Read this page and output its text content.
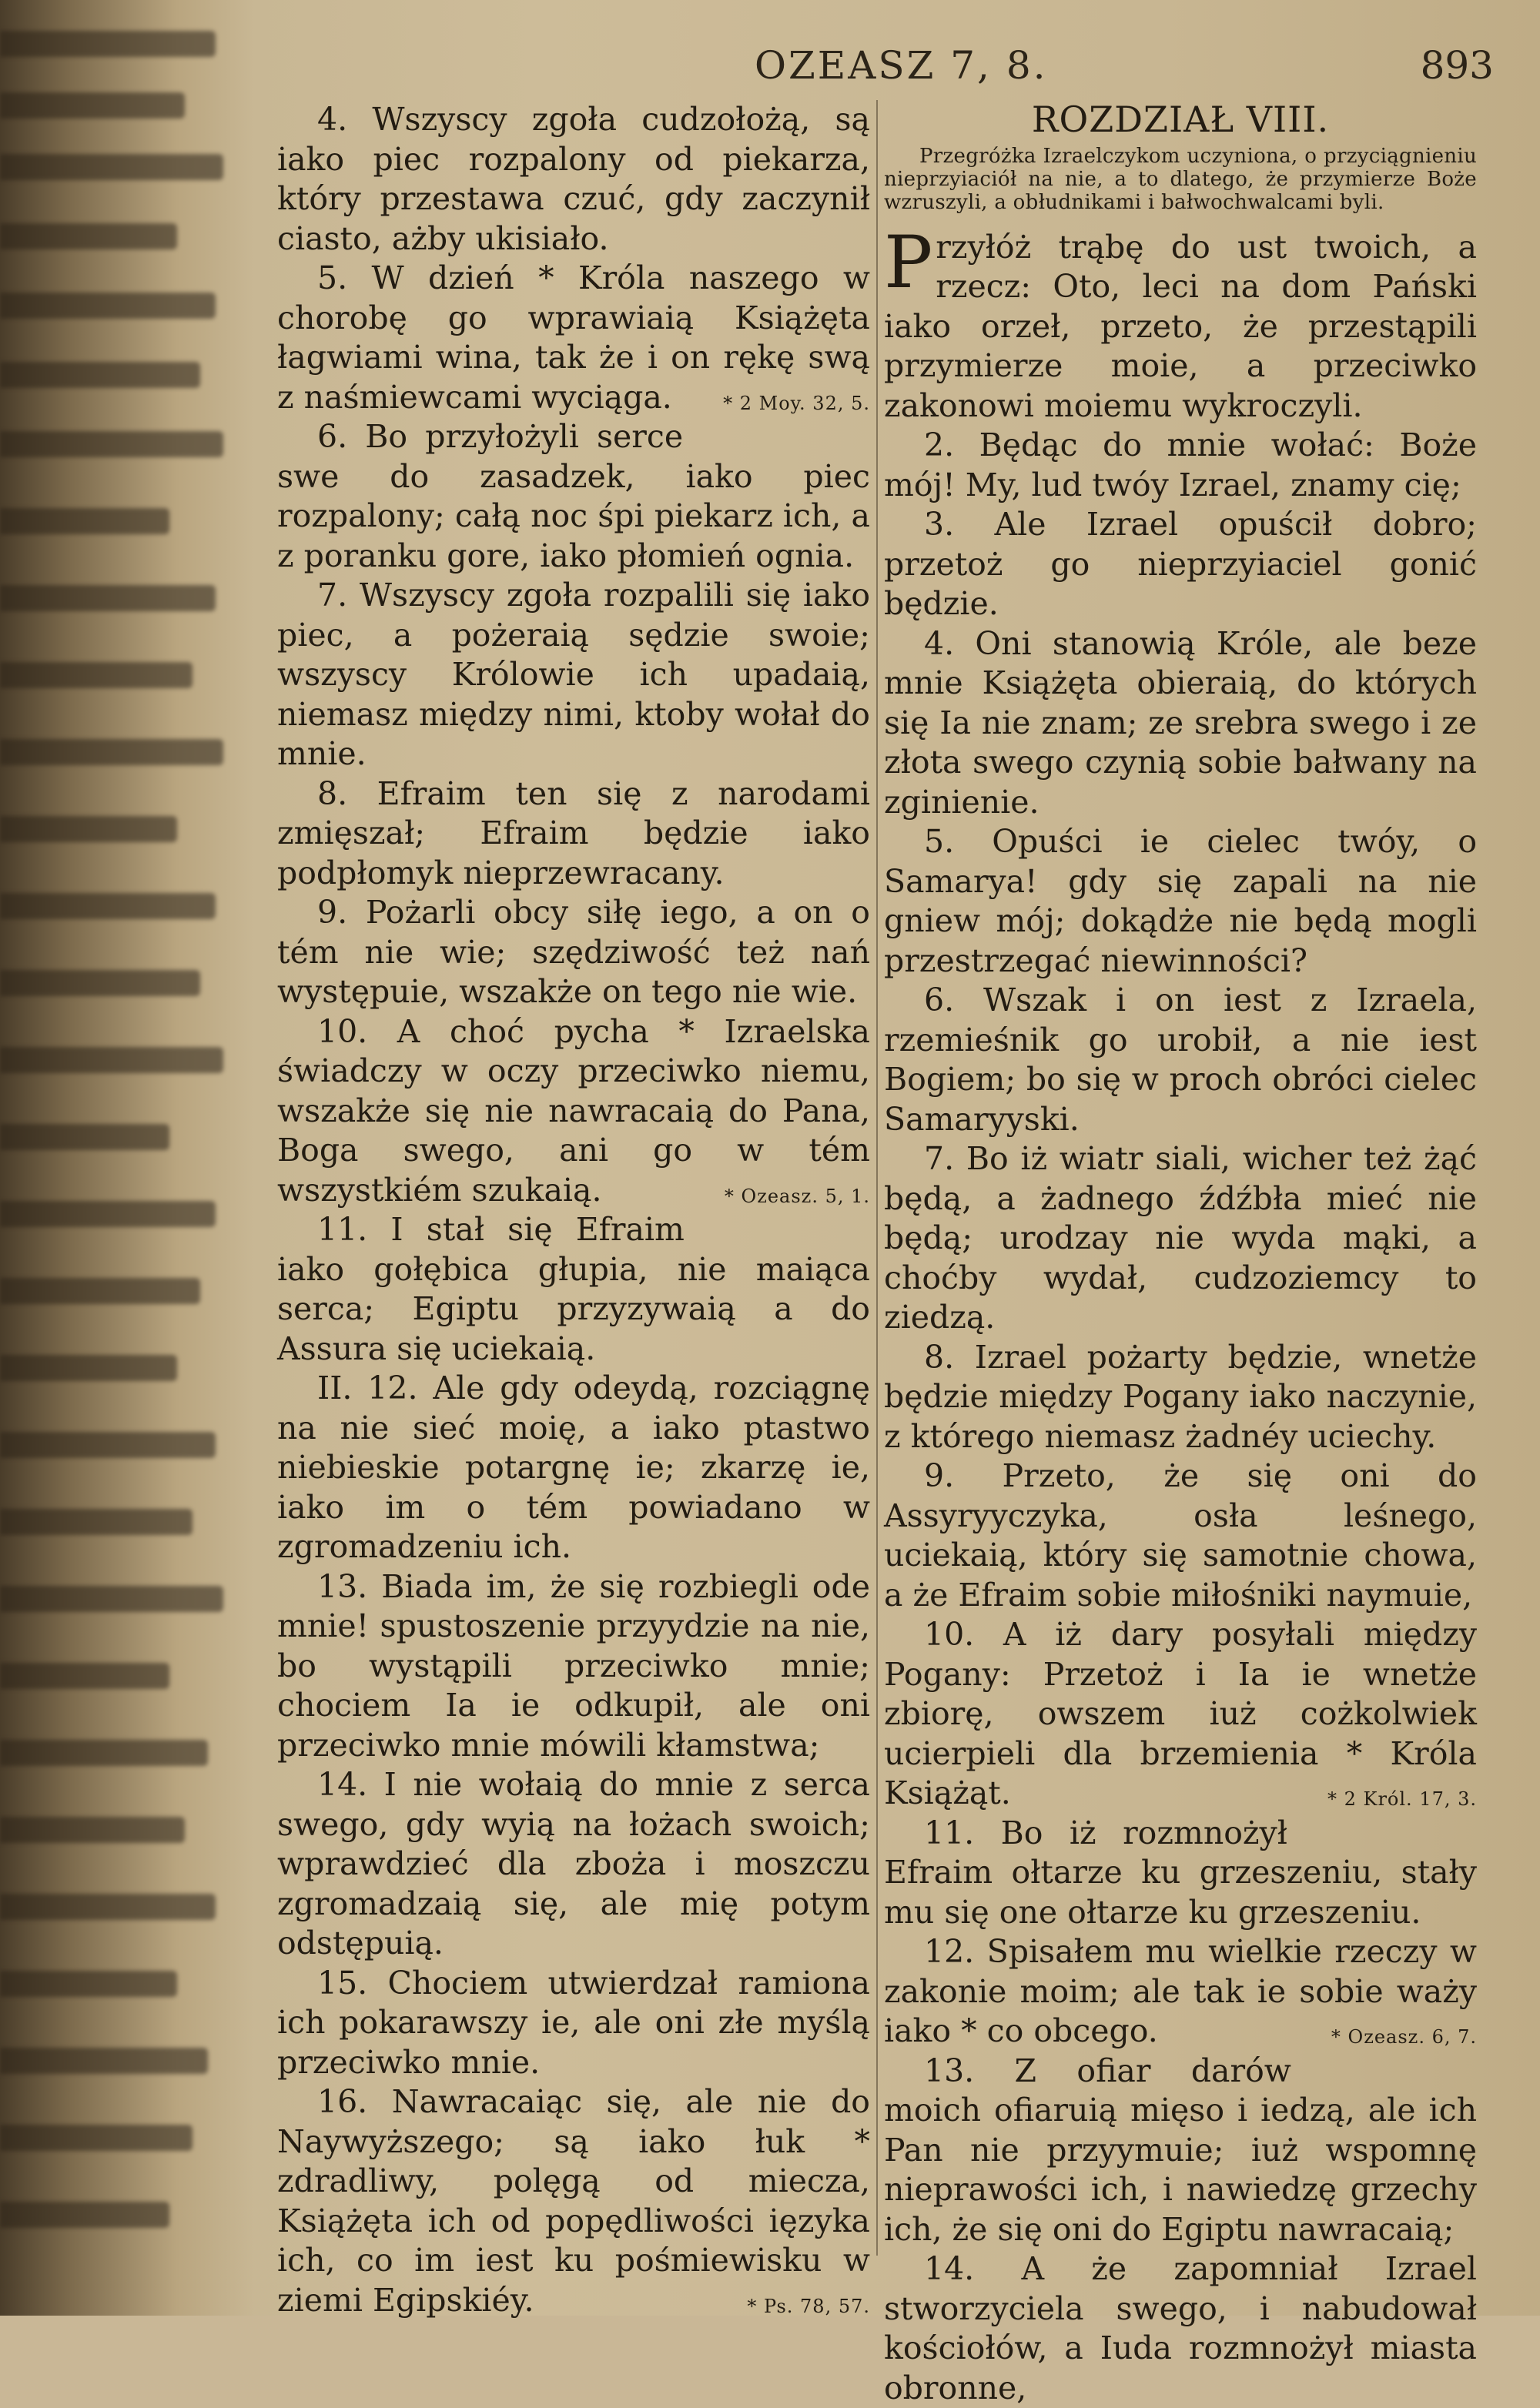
OZEASZ 7, 8.	893

4. Wszyscy zgoła cudzołożą, są iako piec rozpalony od piekarza, który przestawa czuć, gdy zaczynił ciasto, ażby ukisiało.

5. W dzień * Króla naszego w chorobę go wprawiaią Książęta łagwiami wina, tak że i on rękę swą z naśmiewcami wyciąga.	* 2 Moy. 32, 5.

6. Bo przyłożyli serce swe do zasadzek, iako piec rozpalony; całą noc śpi piekarz ich, a z poranku gore, iako płomień ognia.

7. Wszyscy zgoła rozpalili się iako piec, a pożeraią sędzie swoie; wszyscy Królowie ich upadaią, niemasz między nimi, ktoby wołał do mnie.

8. Efraim ten się z narodami zmięszał; Efraim będzie iako podpłomyk nieprzewracany.

9. Pożarli obcy siłę iego, a on o tém nie wie; szędziwość też nań występuie, wszakże on tego nie wie.

10. A choć pycha * Izraelska świadczy w oczy przeciwko niemu, wszakże się nie nawracaią do Pana, Boga swego, ani go w tém wszystkiém szukaią.	* Ozeasz. 5, 1.

11. I stał się Efraim iako gołębica głupia, nie maiąca serca; Egiptu przyzywaią a do Assura się uciekaią.

II. 12. Ale gdy odeydą, rozciągnę na nie sieć moię, a iako ptastwo niebieskie potargnę ie; zkarzę ie, iako im o tém powiadano w zgromadzeniu ich.

13. Biada im, że się rozbiegli ode mnie! spustoszenie przyydzie na nie, bo wystąpili przeciwko mnie; chociem Ia ie odkupił, ale oni przeciwko mnie mówili kłamstwa;

14. I nie wołaią do mnie z serca swego, gdy wyią na łożach swoich; wprawdzieć dla zboża i moszczu zgromadzaią się, ale mię potym odstępuią.

15. Chociem utwierdzał ramiona ich pokarawszy ie, ale oni złe myślą przeciwko mnie.

16. Nawracaiąc się, ale nie do Naywyższego; są iako łuk * zdradliwy, polęgą od miecza, Książęta ich od popędliwości ięzyka ich, co im iest ku pośmiewisku w ziemi Egipskiéy.	* Ps. 78, 57.

ROZDZIAŁ VIII.

Przegróżka Izraelczykom uczyniona, o przyciągnieniu nieprzyiaciół na nie, a to dlatego, że przymierze Boże wzruszyli, a obłudnikami i bałwochwalcami byli.

Przyłóż trąbę do ust twoich, a rzecz: Oto, leci na dom Pański iako orzeł, przeto, że przestąpili przymierze moie, a przeciwko zakonowi moiemu wykroczyli.

2. Będąc do mnie wołać: Boże mój! My, lud twóy Izrael, znamy cię;

3. Ale Izrael opuścił dobro; przetoż go nieprzyiaciel gonić będzie.

4. Oni stanowią Króle, ale beze mnie Książęta obieraią, do których się Ia nie znam; ze srebra swego i ze złota swego czynią sobie bałwany na zginienie.

5. Opuści ie cielec twóy, o Samarya! gdy się zapali na nie gniew mój; dokądże nie będą mogli przestrzegać niewinności?

6. Wszak i on iest z Izraela, rzemieśnik go urobił, a nie iest Bogiem; bo się w proch obróci cielec Samaryyski.

7. Bo iż wiatr siali, wicher też żąć będą, a żadnego źdźbła mieć nie będą; urodzay nie wyda mąki, a choćby wydał, cudzoziemcy to ziedzą.

8. Izrael pożarty będzie, wnetże będzie między Pogany iako naczynie, z którego niemasz żadnéy uciechy.

9. Przeto, że się oni do Assyryyczyka, osła leśnego, uciekaią, który się samotnie chowa, a że Efraim sobie miłośniki naymuie,

10. A iż dary posyłali między Pogany: Przetoż i Ia ie wnetże zbiorę, owszem iuż cożkolwiek ucierpieli dla brzemienia * Króla Książąt.	* 2 Król. 17, 3.

11. Bo iż rozmnożył Efraim ołtarze ku grzeszeniu, stały mu się one ołtarze ku grzeszeniu.

12. Spisałem mu wielkie rzeczy w zakonie moim; ale tak ie sobie waży iako * co obcego.	* Ozeasz. 6, 7.

13. Z ofiar darów moich ofiaruią mięso i iedzą, ale ich Pan nie przyymuie; iuż wspomnę nieprawości ich, i nawiedzę grzechy ich, że się oni do Egiptu nawracaią;

14. A że zapomniał Izrael stworzyciela swego, i nabudował kościołów, a Iuda rozmnożył miasta obronne,
